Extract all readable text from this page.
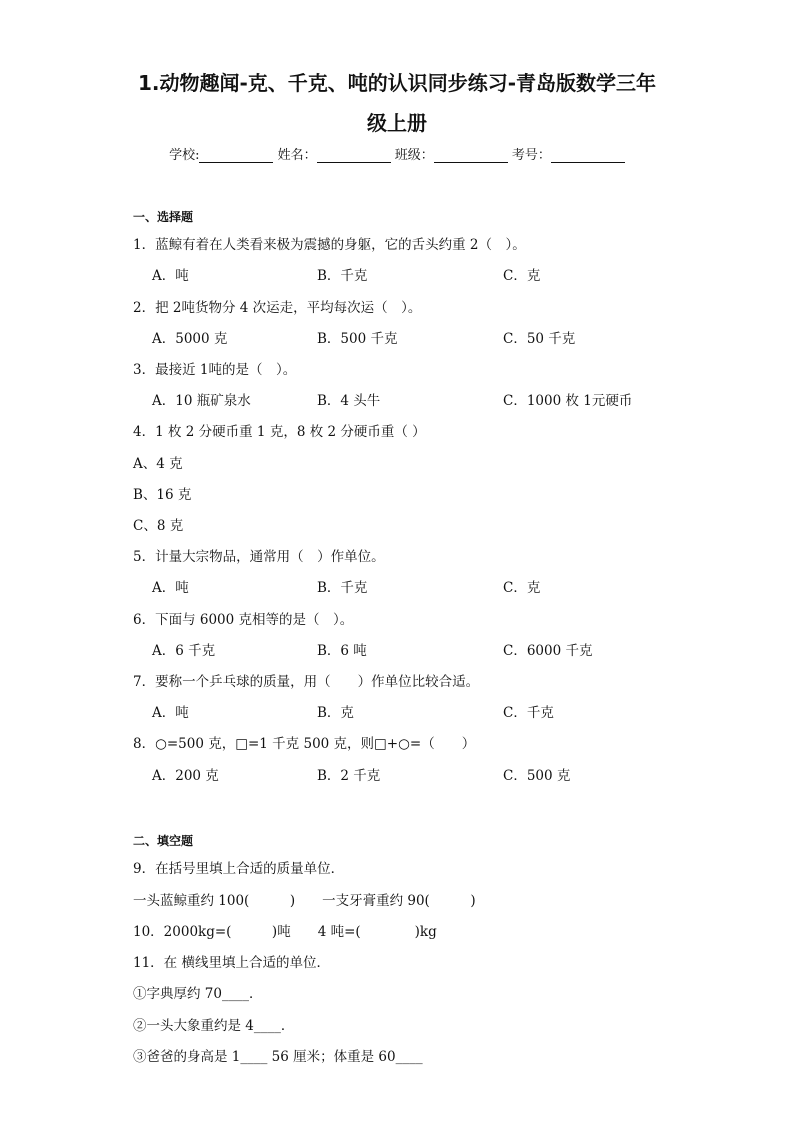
1.动物趣闻-克、千克、吨的认识同步练习-青岛版数学三年
级上册
学校:	姓名：	班级：	考号：
一、选择题
1．蓝鲸有着在人类看来极为震撼的身躯，它的舌头约重 2（　）。
A．吨	B．千克	C．克
2．把 2吨货物分 4 次运走，平均每次运（　）。
A．5000 克	B．500 千克	C．50 千克
3．最接近 1吨的是（　）。
A．10 瓶矿泉水	B．4 头牛	C．1000 枚 1元硬币
4．1 枚 2 分硬币重 1 克，8 枚 2 分硬币重（ ）
A、4 克
B、16 克
C、8 克
5．计量大宗物品，通常用（　）作单位。
A．吨	B．千克	C．克
6．下面与 6000 克相等的是（　）。
A．6 千克	B．6 吨	C．6000 千克
7．要称一个乒乓球的质量，用（　　）作单位比较合适。
A．吨	B．克	C．千克
8．○=500 克，□=1 千克 500 克，则□+○=（　　）
A．200 克	B．2 千克	C．500 克
二、填空题
9．在括号里填上合适的质量单位．
一头蓝鲸重约 100(　　　)　　一支牙膏重约 90(　　　)
10．2000kg=(　　　)吨　　4 吨=(　　　　)kg
11．在 横线里填上合适的单位．
①字典厚约 70____．
②一头大象重约是 4____．
③爸爸的身高是 1____ 56 厘米；体重是 60____
